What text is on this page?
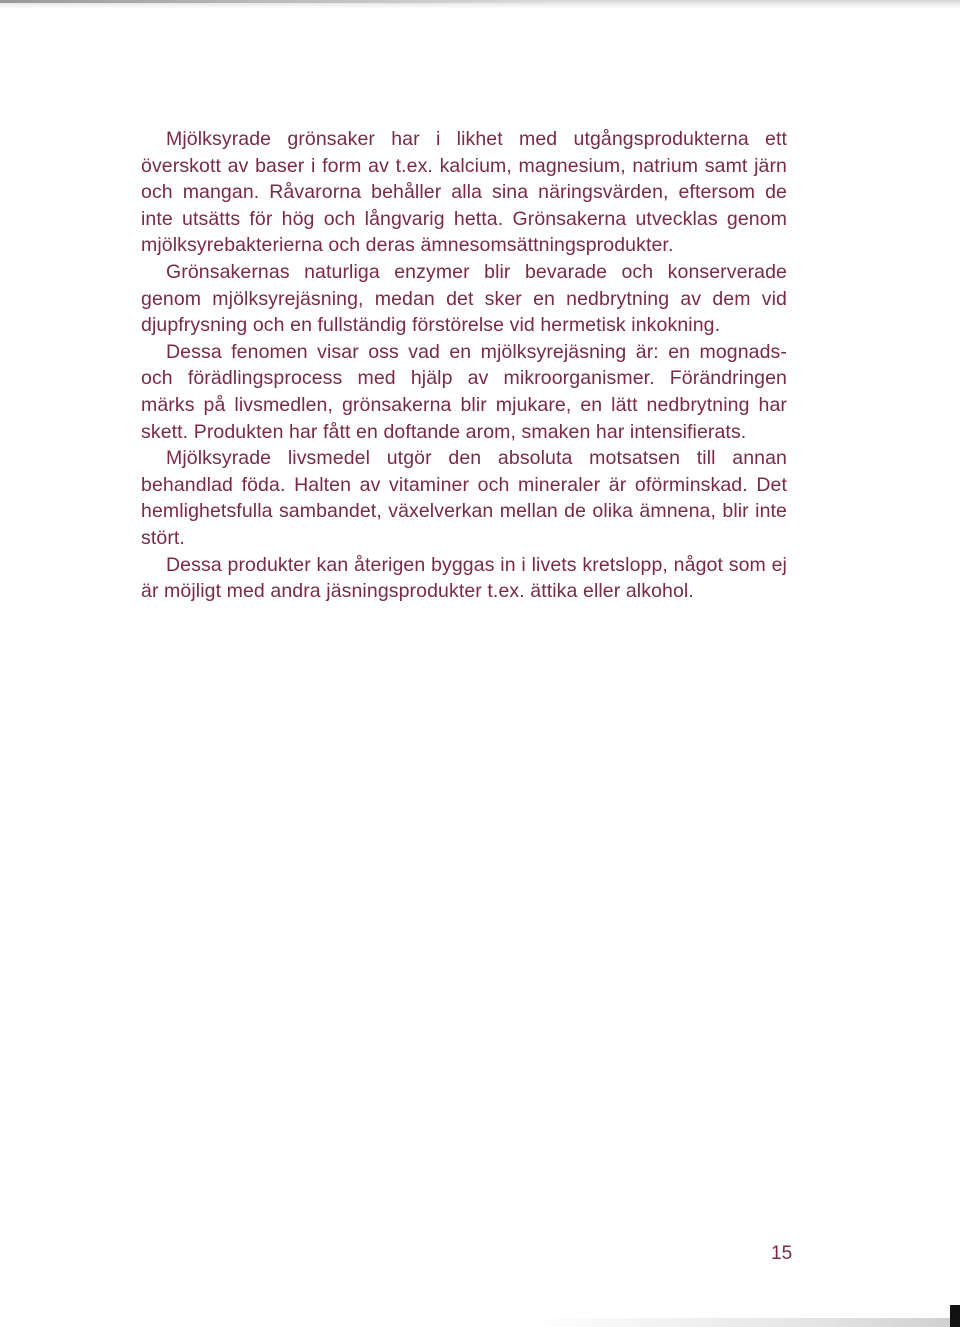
Mjölksyrade grönsaker har i likhet med utgångsprodukterna ett överskott av baser i form av t.ex. kalcium, magnesium, natrium samt järn och mangan. Råvarorna behåller alla sina näringsvärden, eftersom de inte utsätts för hög och långvarig hetta. Grönsakerna utvecklas genom mjölksyrebakterierna och deras ämnesomsättningsprodukter.

Grönsakernas naturliga enzymer blir bevarade och konserverade genom mjölksyrejäsning, medan det sker en nedbrytning av dem vid djupfrysning och en fullständig förstörelse vid hermetisk inkokning.

Dessa fenomen visar oss vad en mjölksyrejäsning är: en mognads- och förädlingsprocess med hjälp av mikroorganismer. Förändringen märks på livsmedlen, grönsakerna blir mjukare, en lätt nedbrytning har skett. Produkten har fått en doftande arom, smaken har intensifierats.

Mjölksyrade livsmedel utgör den absoluta motsatsen till annan behandlad föda. Halten av vitaminer och mineraler är oförminskad. Det hemlighetsfulla sambandet, växelverkan mellan de olika ämnena, blir inte stört.

Dessa produkter kan återigen byggas in i livets kretslopp, något som ej är möjligt med andra jäsningsprodukter t.ex. ättika eller alkohol.

15
